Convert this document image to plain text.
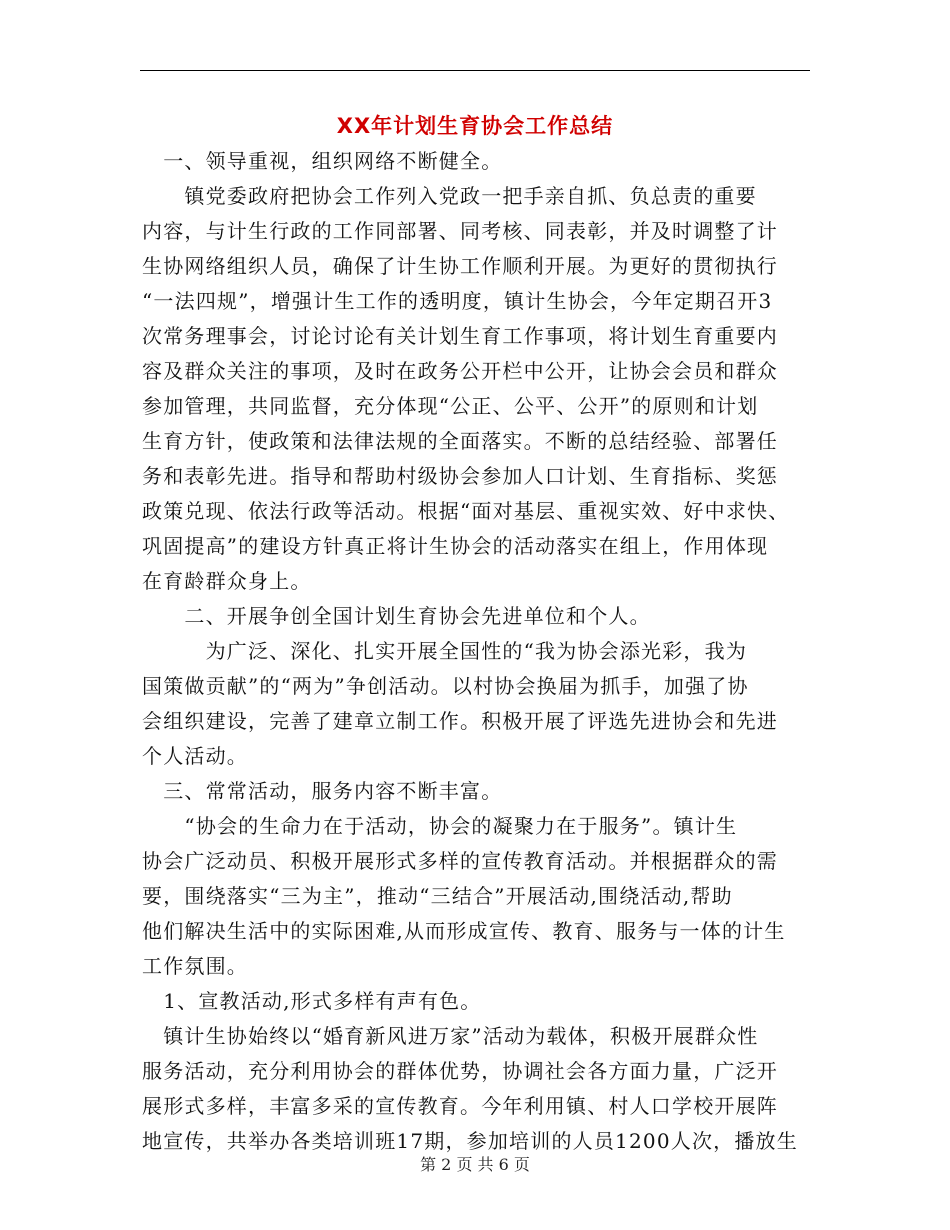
XX年计划生育协会工作总结
　一、领导重视，组织网络不断健全。
　　镇党委政府把协会工作列入党政一把手亲自抓、负总责的重要
内容，与计生行政的工作同部署、同考核、同表彰，并及时调整了计
生协网络组织人员，确保了计生协工作顺利开展。为更好的贯彻执行
“一法四规”，增强计生工作的透明度，镇计生协会，今年定期召开3
次常务理事会，讨论讨论有关计划生育工作事项，将计划生育重要内
容及群众关注的事项，及时在政务公开栏中公开，让协会会员和群众
参加管理，共同监督，充分体现“公正、公平、公开”的原则和计划
生育方针，使政策和法律法规的全面落实。不断的总结经验、部署任
务和表彰先进。指导和帮助村级协会参加人口计划、生育指标、奖惩
政策兑现、依法行政等活动。根据“面对基层、重视实效、好中求快、
巩固提高”的建设方针真正将计生协会的活动落实在组上，作用体现
在育龄群众身上。
　　二、开展争创全国计划生育协会先进单位和个人。
　　　为广泛、深化、扎实开展全国性的“我为协会添光彩，我为
国策做贡献”的“两为”争创活动。以村协会换届为抓手，加强了协
会组织建设，完善了建章立制工作。积极开展了评选先进协会和先进
个人活动。
　三、常常活动，服务内容不断丰富。
　　“协会的生命力在于活动，协会的凝聚力在于服务”。镇计生
协会广泛动员、积极开展形式多样的宣传教育活动。并根据群众的需
要，围绕落实“三为主”，推动“三结合”开展活动,围绕活动,帮助
他们解决生活中的实际困难,从而形成宣传、教育、服务与一体的计生
工作氛围。
　1、宣教活动,形式多样有声有色。
　镇计生协始终以“婚育新风进万家”活动为载体，积极开展群众性
服务活动，充分利用协会的群体优势，协调社会各方面力量，广泛开
展形式多样，丰富多采的宣传教育。今年利用镇、村人口学校开展阵
地宣传，共举办各类培训班17期，参加培训的人员1200人次，播放生
第 2 页 共 6 页
